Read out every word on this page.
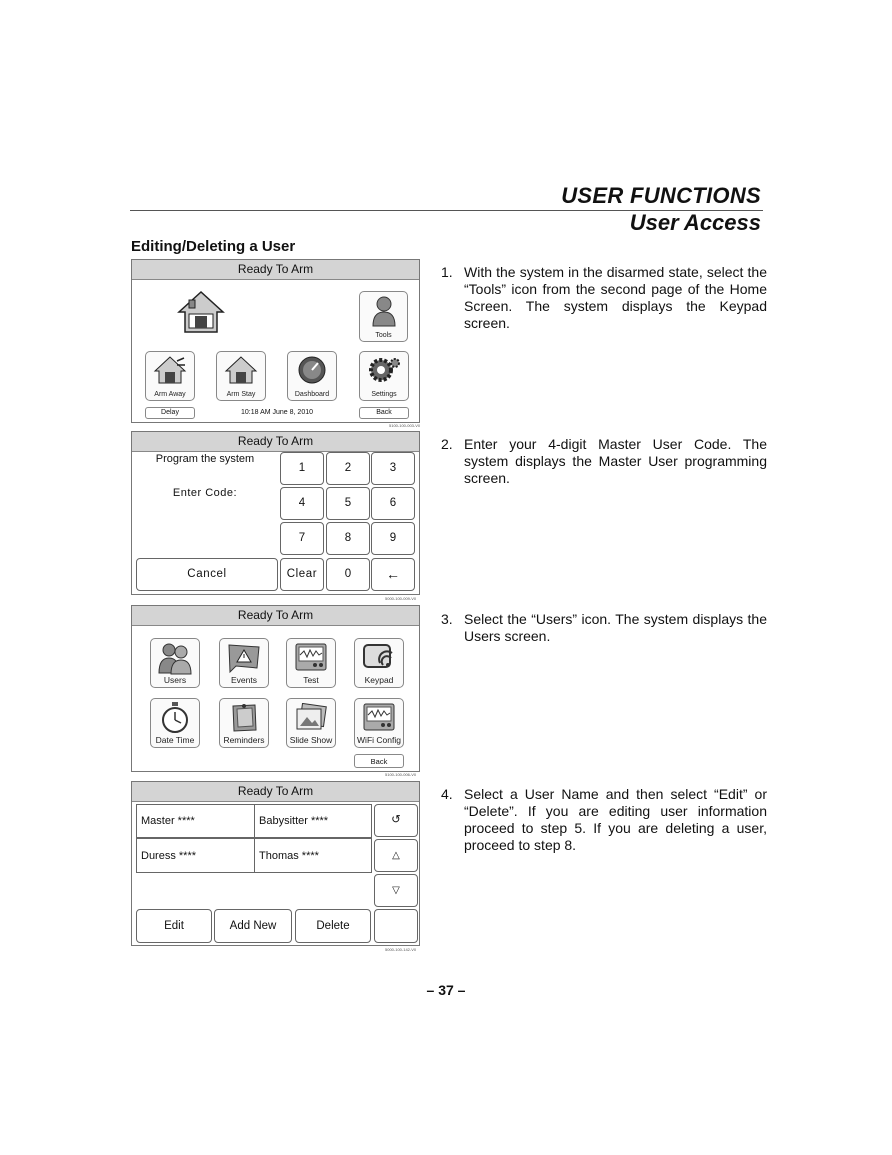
USER FUNCTIONS
User Access
Editing/Deleting a User
Ready To Arm
Tools
Arm Away	Arm Stay	Dashboard	Settings
Delay	10:18 AM June 8, 2010	Back
5100-100-003-V0
Ready To Arm
Program the system
Enter Code:
1	2	3
4	5	6
7	8	9
Cancel	Clear	0	←
5000-100-009-V0
Ready To Arm
Users	Events	Test	Keypad
Date Time	Reminders	Slide Show	WiFi Config
Back
5100-100-006-V0
Ready To Arm
Master ****	Babysitter ****
Duress ****	Thomas ****
↺
△
▽
Edit	Add New	Delete
5000-100-142-V0
1. With the system in the disarmed state, select the “Tools” icon from the second page of the Home Screen. The system displays the Keypad screen.
2. Enter your 4-digit Master User Code. The system displays the Master User programming screen.
3. Select the “Users” icon. The system displays the Users screen.
4. Select a User Name and then select “Edit” or “Delete”. If you are editing user information proceed to step 5. If you are deleting a user, proceed to step 8.
– 37 –
